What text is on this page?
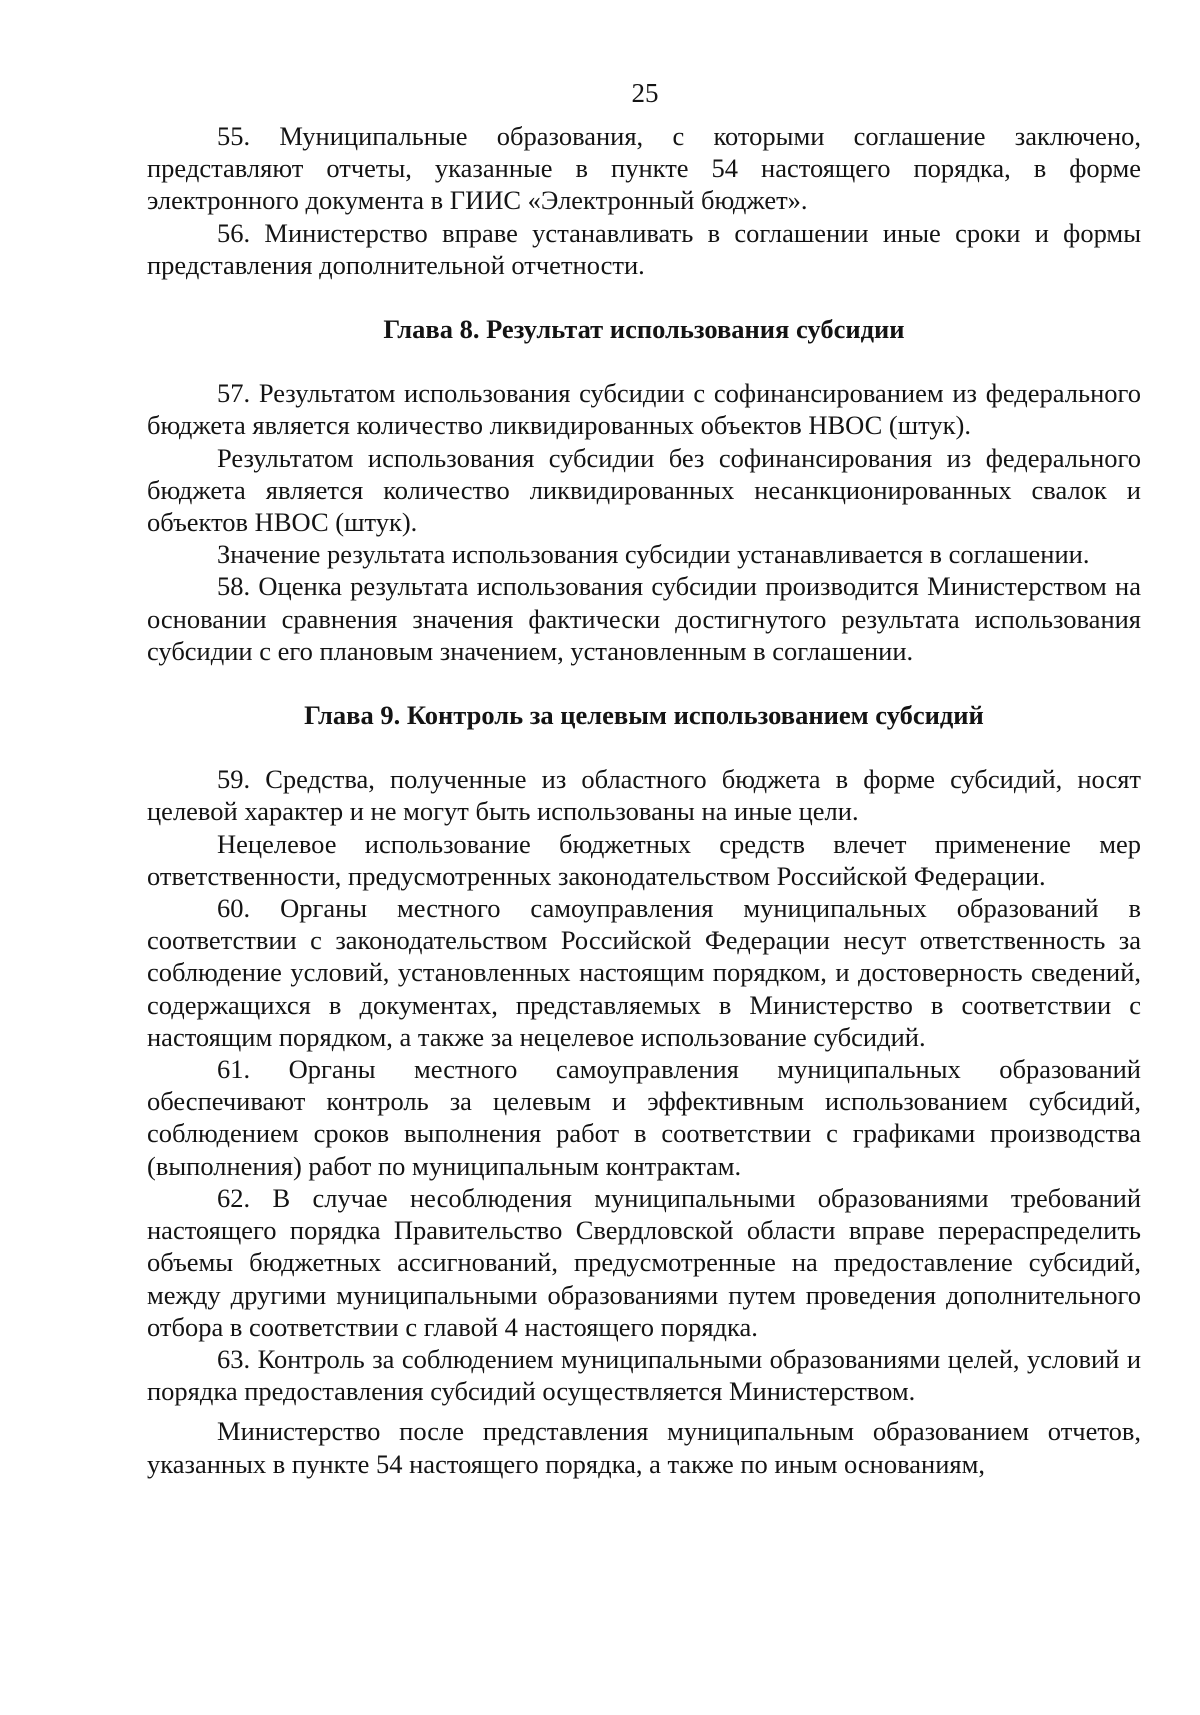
25

55. Муниципальные образования, с которыми соглашение заключено, представляют отчеты, указанные в пункте 54 настоящего порядка, в форме электронного документа в ГИИС «Электронный бюджет».

56. Министерство вправе устанавливать в соглашении иные сроки и формы представления дополнительной отчетности.

Глава 8. Результат использования субсидии

57. Результатом использования субсидии с софинансированием из федерального бюджета является количество ликвидированных объектов НВОС (штук).

Результатом использования субсидии без софинансирования из федерального бюджета является количество ликвидированных несанкционированных свалок и объектов НВОС (штук).

Значение результата использования субсидии устанавливается в соглашении.

58. Оценка результата использования субсидии производится Министерством на основании сравнения значения фактически достигнутого результата использования субсидии с его плановым значением, установленным в соглашении.

Глава 9. Контроль за целевым использованием субсидий

59. Средства, полученные из областного бюджета в форме субсидий, носят целевой характер и не могут быть использованы на иные цели.

Нецелевое использование бюджетных средств влечет применение мер ответственности, предусмотренных законодательством Российской Федерации.

60. Органы местного самоуправления муниципальных образований в соответствии с законодательством Российской Федерации несут ответственность за соблюдение условий, установленных настоящим порядком, и достоверность сведений, содержащихся в документах, представляемых в Министерство в соответствии с настоящим порядком, а также за нецелевое использование субсидий.

61. Органы местного самоуправления муниципальных образований обеспечивают контроль за целевым и эффективным использованием субсидий, соблюдением сроков выполнения работ в соответствии с графиками производства (выполнения) работ по муниципальным контрактам.

62. В случае несоблюдения муниципальными образованиями требований настоящего порядка Правительство Свердловской области вправе перераспределить объемы бюджетных ассигнований, предусмотренные на предоставление субсидий, между другими муниципальными образованиями путем проведения дополнительного отбора в соответствии с главой 4 настоящего порядка.

63. Контроль за соблюдением муниципальными образованиями целей, условий и порядка предоставления субсидий осуществляется Министерством.

Министерство после представления муниципальным образованием отчетов, указанных в пункте 54 настоящего порядка, а также по иным основаниям,
